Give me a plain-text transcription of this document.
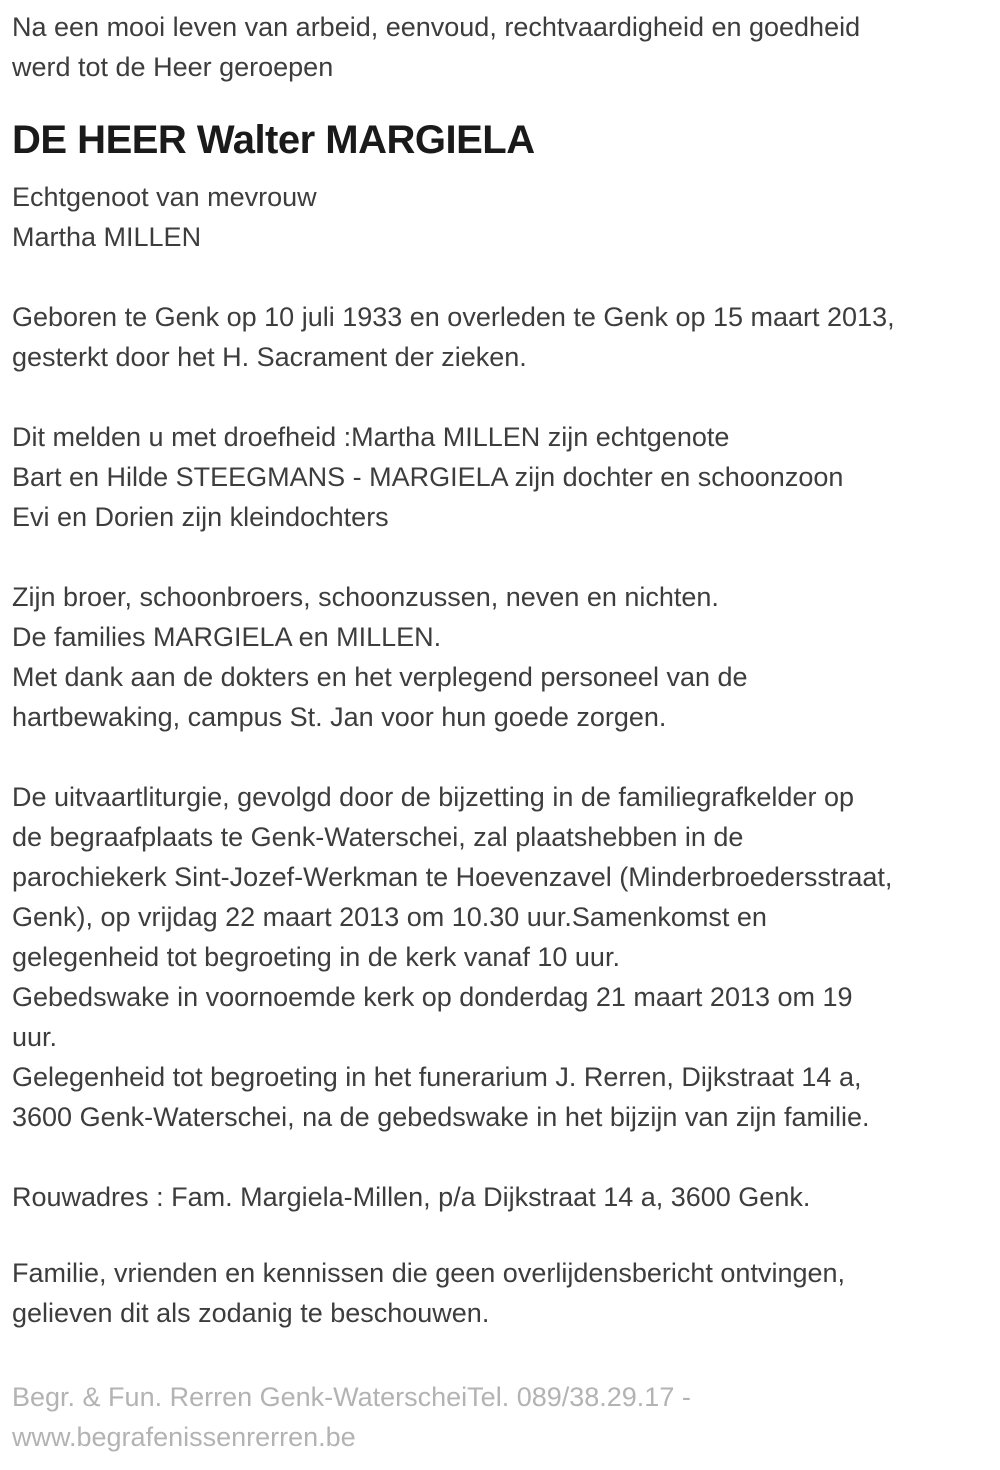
Na een mooi leven van arbeid, eenvoud, rechtvaardigheid en goedheid
werd tot de Heer geroepen
DE HEER Walter MARGIELA
Echtgenoot van mevrouw
Martha MILLEN
Geboren te Genk op 10 juli 1933 en overleden te Genk op 15 maart 2013,
gesterkt door het H. Sacrament der zieken.
Dit melden u met droefheid :Martha MILLEN zijn echtgenote
Bart en Hilde STEEGMANS - MARGIELA zijn dochter en schoonzoon
Evi en Dorien zijn kleindochters
Zijn broer, schoonbroers, schoonzussen, neven en nichten.
De families MARGIELA en MILLEN.
Met dank aan de dokters en het verplegend personeel van de
hartbewaking, campus St. Jan voor hun goede zorgen.
De uitvaartliturgie, gevolgd door de bijzetting in de familiegrafkelder op
de begraafplaats te Genk-Waterschei, zal plaatshebben in de
parochiekerk Sint-Jozef-Werkman te Hoevenzavel (Minderbroedersstraat,
Genk), op vrijdag 22 maart 2013 om 10.30 uur.Samenkomst en
gelegenheid tot begroeting in de kerk vanaf 10 uur.
Gebedswake in voornoemde kerk op donderdag 21 maart 2013 om 19
uur.
Gelegenheid tot begroeting in het funerarium J. Rerren, Dijkstraat 14 a,
3600 Genk-Waterschei, na de gebedswake in het bijzijn van zijn familie.
Rouwadres : Fam. Margiela-Millen, p/a Dijkstraat 14 a, 3600 Genk.
Familie, vrienden en kennissen die geen overlijdensbericht ontvingen,
gelieven dit als zodanig te beschouwen.
Begr. & Fun. Rerren Genk-WaterscheiTel. 089/38.29.17 -
www.begrafenissenrerren.be
